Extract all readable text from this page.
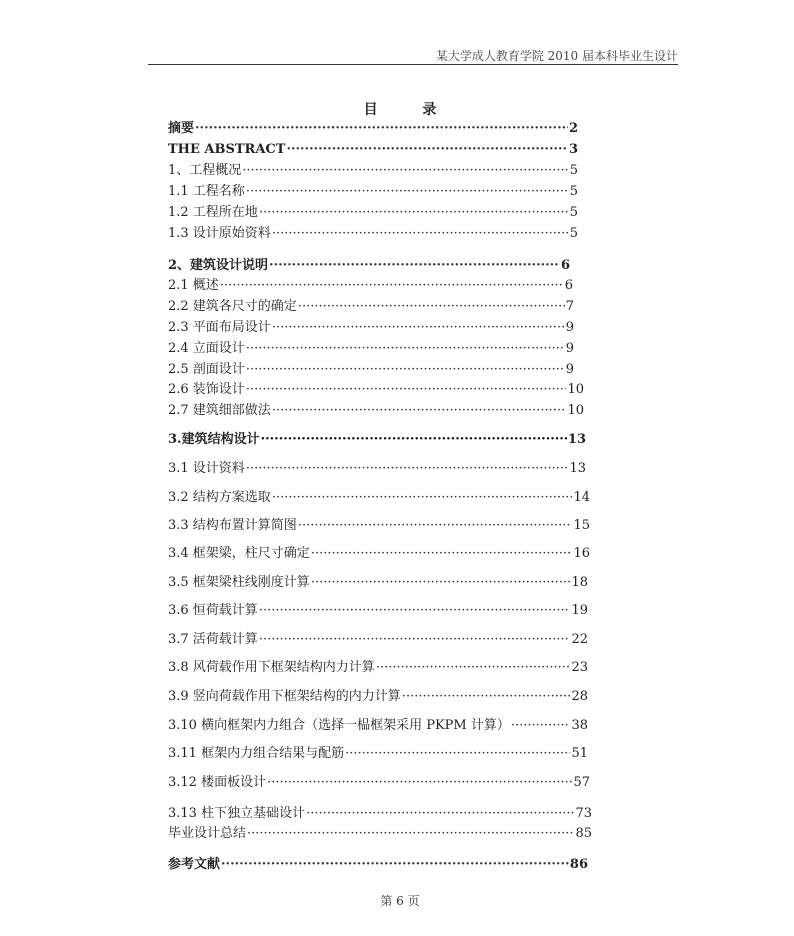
某大学成人教育学院 2010 届本科毕业生设计
目 录
摘要 ·····	2
THE ABSTRACT ·····	3
1、工程概况 ·····	5
1.1 工程名称 ·····	5
1.2 工程所在地 ·····	5
1.3 设计原始资料 ·····	5
2、建筑设计说明 ·····	6
2.1 概述 ·····	6
2.2 建筑各尺寸的确定 ·····	7
2.3 平面布局设计 ·····	9
2.4 立面设计 ·····	9
2.5 剖面设计 ·····	9
2.6 装饰设计 ·····	10
2.7 建筑细部做法 ·····	10
3.建筑结构设计 ·····	13
3.1 设计资料 ·····	13
3.2 结构方案选取 ·····	14
3.3 结构布置计算简图 ·····	15
3.4 框架梁，柱尺寸确定 ·····	16
3.5 框架梁柱线刚度计算 ·····	18
3.6 恒荷载计算 ·····	19
3.7 活荷载计算 ·····	22
3.8 风荷载作用下框架结构内力计算 ·····	23
3.9 竖向荷载作用下框架结构的内力计算 ·····	28
3.10 横向框架内力组合（选择一榀框架采用 PKPM 计算） ·····	38
3.11 框架内力组合结果与配筋 ·····	51
3.12 楼面板设计 ·····	57
3.13 柱下独立基础设计 ·····	73
毕业设计总结 ·····	85
参考文献 ·····	86
第 6 页
